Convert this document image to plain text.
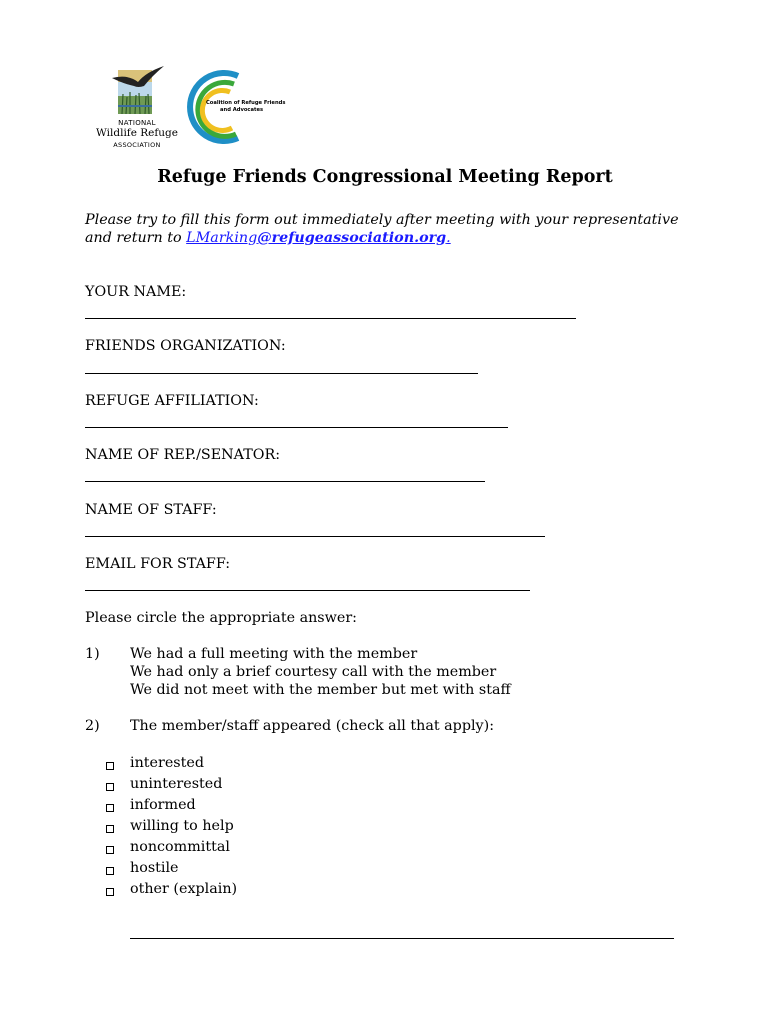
NATIONAL
Wildlife Refuge
ASSOCIATION
Coalition of Refuge Friends
and Advocates
Refuge Friends Congressional Meeting Report
Please try to fill this form out immediately after meeting with your representative and return to LMarking@refugeassociation.org.
YOUR NAME:
FRIENDS ORGANIZATION:
REFUGE AFFILIATION:
NAME OF REP./SENATOR:
NAME OF STAFF:
EMAIL FOR STAFF:
Please circle the appropriate answer:
1) We had a full meeting with the member
We had only a brief courtesy call with the member
We did not meet with the member but met with staff
2) The member/staff appeared (check all that apply):
interested
uninterested
informed
willing to help
noncommittal
hostile
other (explain)
